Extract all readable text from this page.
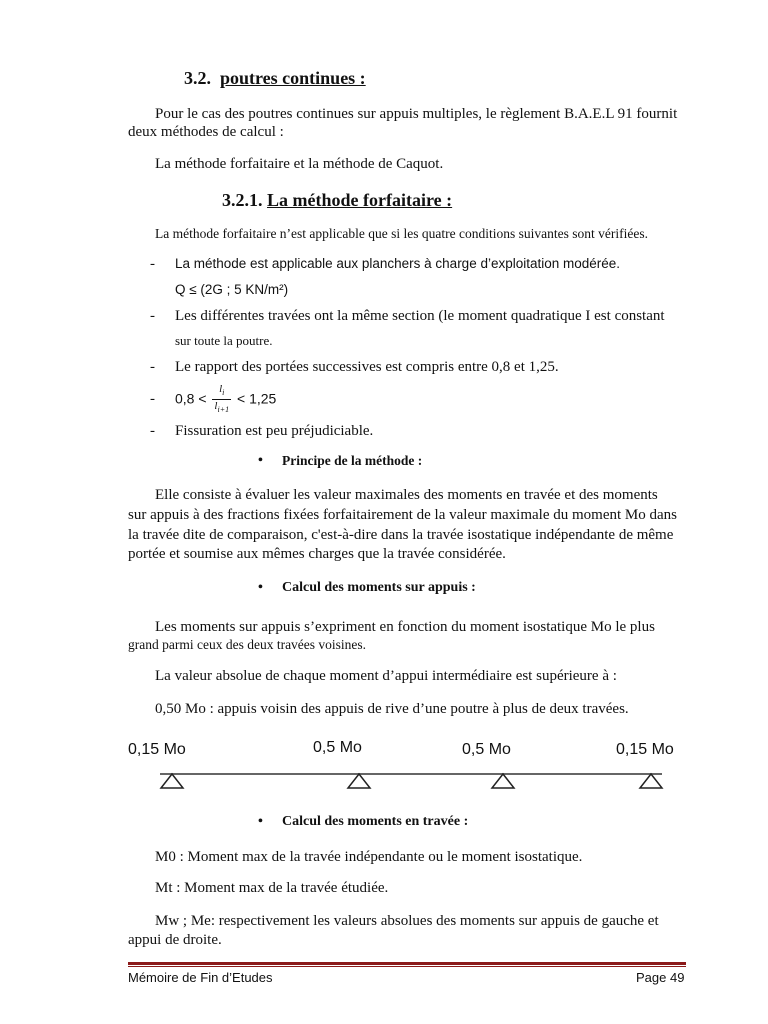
3.2. poutres continues :
Pour le cas des poutres continues sur appuis multiples, le règlement B.A.E.L 91 fournit
deux méthodes de calcul :
La méthode forfaitaire et la méthode de Caquot.
3.2.1. La méthode forfaitaire :
La méthode forfaitaire n’est applicable que si les quatre conditions suivantes sont vérifiées.
- La méthode est applicable aux planchers à charge d’exploitation modérée.
Q ≤ (2G ; 5 KN/m²)
- Les différentes travées ont la même section (le moment quadratique I est constant
sur toute la poutre.
- Le rapport des portées successives est compris entre 0,8 et 1,25.
- $0,8 < \frac{l_i}{l_{i+1}} < 1,25$
- Fissuration est peu préjudiciable.
• Principe de la méthode :
Elle consiste à évaluer les valeur maximales des moments en travée et des moments
sur appuis à des fractions fixées forfaitairement de la valeur maximale du moment Mo dans
la travée dite de comparaison, c'est-à-dire dans la travée isostatique indépendante de même
portée et soumise aux mêmes charges que la travée considérée.
• Calcul des moments sur appuis :
Les moments sur appuis s’expriment en fonction du moment isostatique Mo le plus
grand parmi ceux des deux travées voisines.
La valeur absolue de chaque moment d’appui intermédiaire est supérieure à :
0,50 Mo : appuis voisin des appuis de rive d’une poutre à plus de deux travées.
0,15 Mo	0,5 Mo	0,5 Mo	0,15 Mo
• Calcul des moments en travée :
M0 : Moment max de la travée indépendante ou le moment isostatique.
Mt : Moment max de la travée étudiée.
Mw ; Me: respectivement les valeurs absolues des moments sur appuis de gauche et
appui de droite.
Mémoire de Fin d’Etudes	Page 49
